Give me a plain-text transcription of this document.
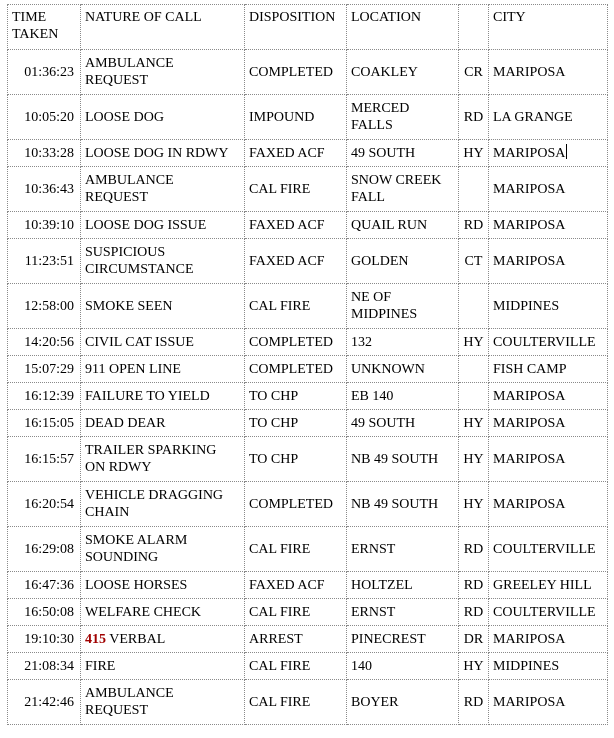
TIME TAKEN	NATURE OF CALL	DISPOSITION	LOCATION		CITY
01:36:23	AMBULANCE REQUEST	COMPLETED	COAKLEY	CR	MARIPOSA
10:05:20	LOOSE DOG	IMPOUND	MERCED FALLS	RD	LA GRANGE
10:33:28	LOOSE DOG IN RDWY	FAXED ACF	49 SOUTH	HY	MARIPOSA
10:36:43	AMBULANCE REQUEST	CAL FIRE	SNOW CREEK FALL		MARIPOSA
10:39:10	LOOSE DOG ISSUE	FAXED ACF	QUAIL RUN	RD	MARIPOSA
11:23:51	SUSPICIOUS CIRCUMSTANCE	FAXED ACF	GOLDEN	CT	MARIPOSA
12:58:00	SMOKE SEEN	CAL FIRE	NE OF MIDPINES		MIDPINES
14:20:56	CIVIL CAT ISSUE	COMPLETED	132	HY	COULTERVILLE
15:07:29	911 OPEN LINE	COMPLETED	UNKNOWN		FISH CAMP
16:12:39	FAILURE TO YIELD	TO CHP	EB 140		MARIPOSA
16:15:05	DEAD DEAR	TO CHP	49 SOUTH	HY	MARIPOSA
16:15:57	TRAILER SPARKING ON RDWY	TO CHP	NB 49 SOUTH	HY	MARIPOSA
16:20:54	VEHICLE DRAGGING CHAIN	COMPLETED	NB 49 SOUTH	HY	MARIPOSA
16:29:08	SMOKE ALARM SOUNDING	CAL FIRE	ERNST	RD	COULTERVILLE
16:47:36	LOOSE HORSES	FAXED ACF	HOLTZEL	RD	GREELEY HILL
16:50:08	WELFARE CHECK	CAL FIRE	ERNST	RD	COULTERVILLE
19:10:30	415 VERBAL	ARREST	PINECREST	DR	MARIPOSA
21:08:34	FIRE	CAL FIRE	140	HY	MIDPINES
21:42:46	AMBULANCE REQUEST	CAL FIRE	BOYER	RD	MARIPOSA
